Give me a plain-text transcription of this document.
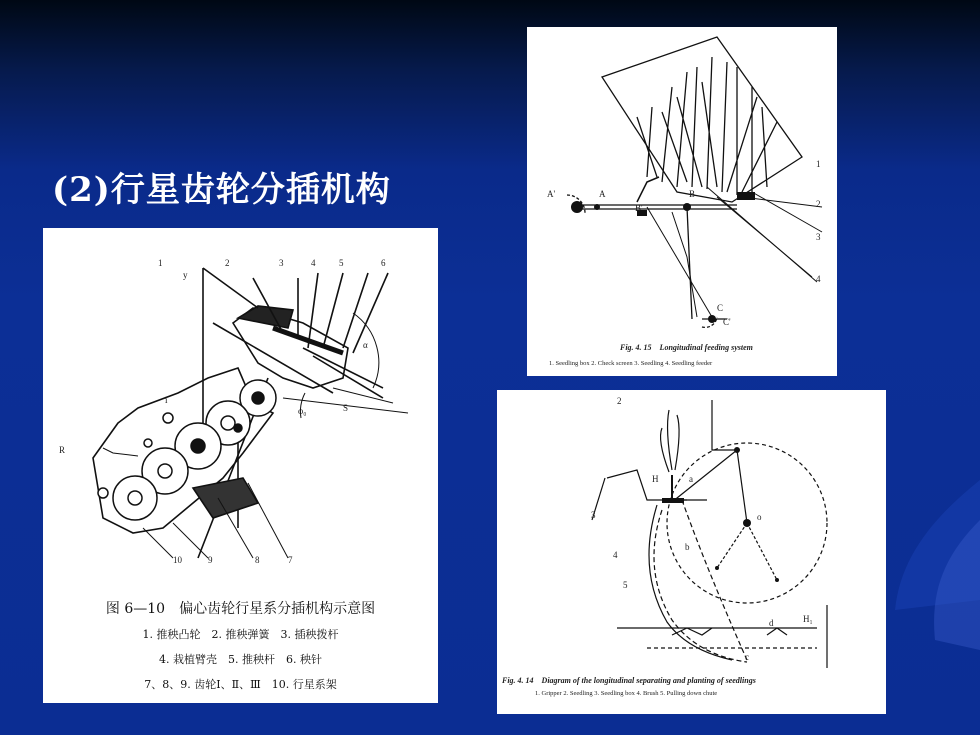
(2)行星齿轮分插机构
1	2	3	4	5	6
y
R
α
φ₀	S
i
10	9	8	7
图 6—10　偏心齿轮行星系分插机构示意图
1. 推秧凸轮　2. 推秧弹簧　3. 插秧拨杆
4. 栽植臂壳　5. 推秧杆　6. 秧针
7、8、9. 齿轮Ⅰ、Ⅱ、Ⅲ　10. 行星系架
A'	A	B
B'
C
C'
1
2
3
4
Fig. 4. 15　Longitudinal feeding system
1. Seedling box 2. Check screen 3. Seedling 4. Seedling feeder
2
3
4
5
H	a
b
c
d
o
H₁
Fig. 4. 14　Diagram of the longitudinal separating and planting of seedlings
1. Gripper 2. Seedling 3. Seedling box 4. Brush 5. Pulling down chute
